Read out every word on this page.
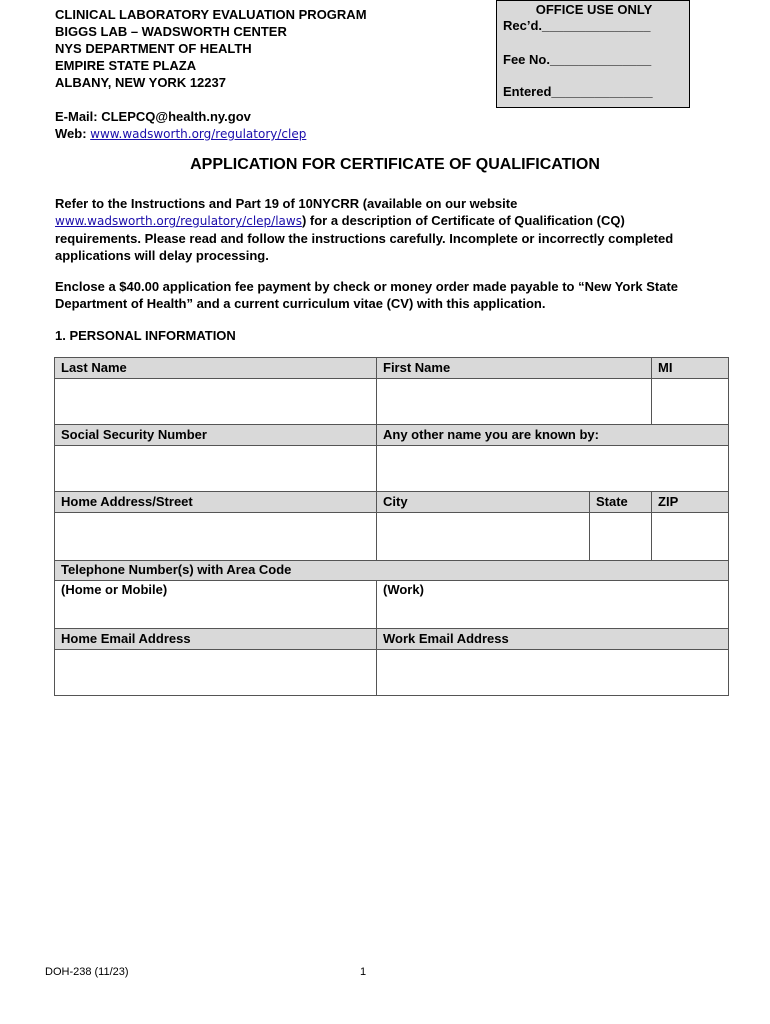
CLINICAL LABORATORY EVALUATION PROGRAM
BIGGS LAB – WADSWORTH CENTER
NYS DEPARTMENT OF HEALTH
EMPIRE STATE PLAZA
ALBANY, NEW YORK 12237
E-Mail: CLEPCQ@health.ny.gov
Web: www.wadsworth.org/regulatory/clep
OFFICE USE ONLY
Rec’d._______________
Fee No.______________
Entered______________
APPLICATION FOR CERTIFICATE OF QUALIFICATION
Refer to the Instructions and Part 19 of 10NYCRR (available on our website
www.wadsworth.org/regulatory/clep/laws) for a description of Certificate of Qualification (CQ)
requirements. Please read and follow the instructions carefully. Incomplete or incorrectly completed
applications will delay processing.
Enclose a $40.00 application fee payment by check or money order made payable to “New York State
Department of Health” and a current curriculum vitae (CV) with this application.
1. PERSONAL INFORMATION
Last Name	First Name		MI

Social Security Number	Any other name you are known by:		

Home Address/Street	City	State	ZIP

Telephone Number(s) with Area Code			
(Home or Mobile)	(Work)		
Home Email Address	Work Email Address		

DOH-238 (11/23)	1
